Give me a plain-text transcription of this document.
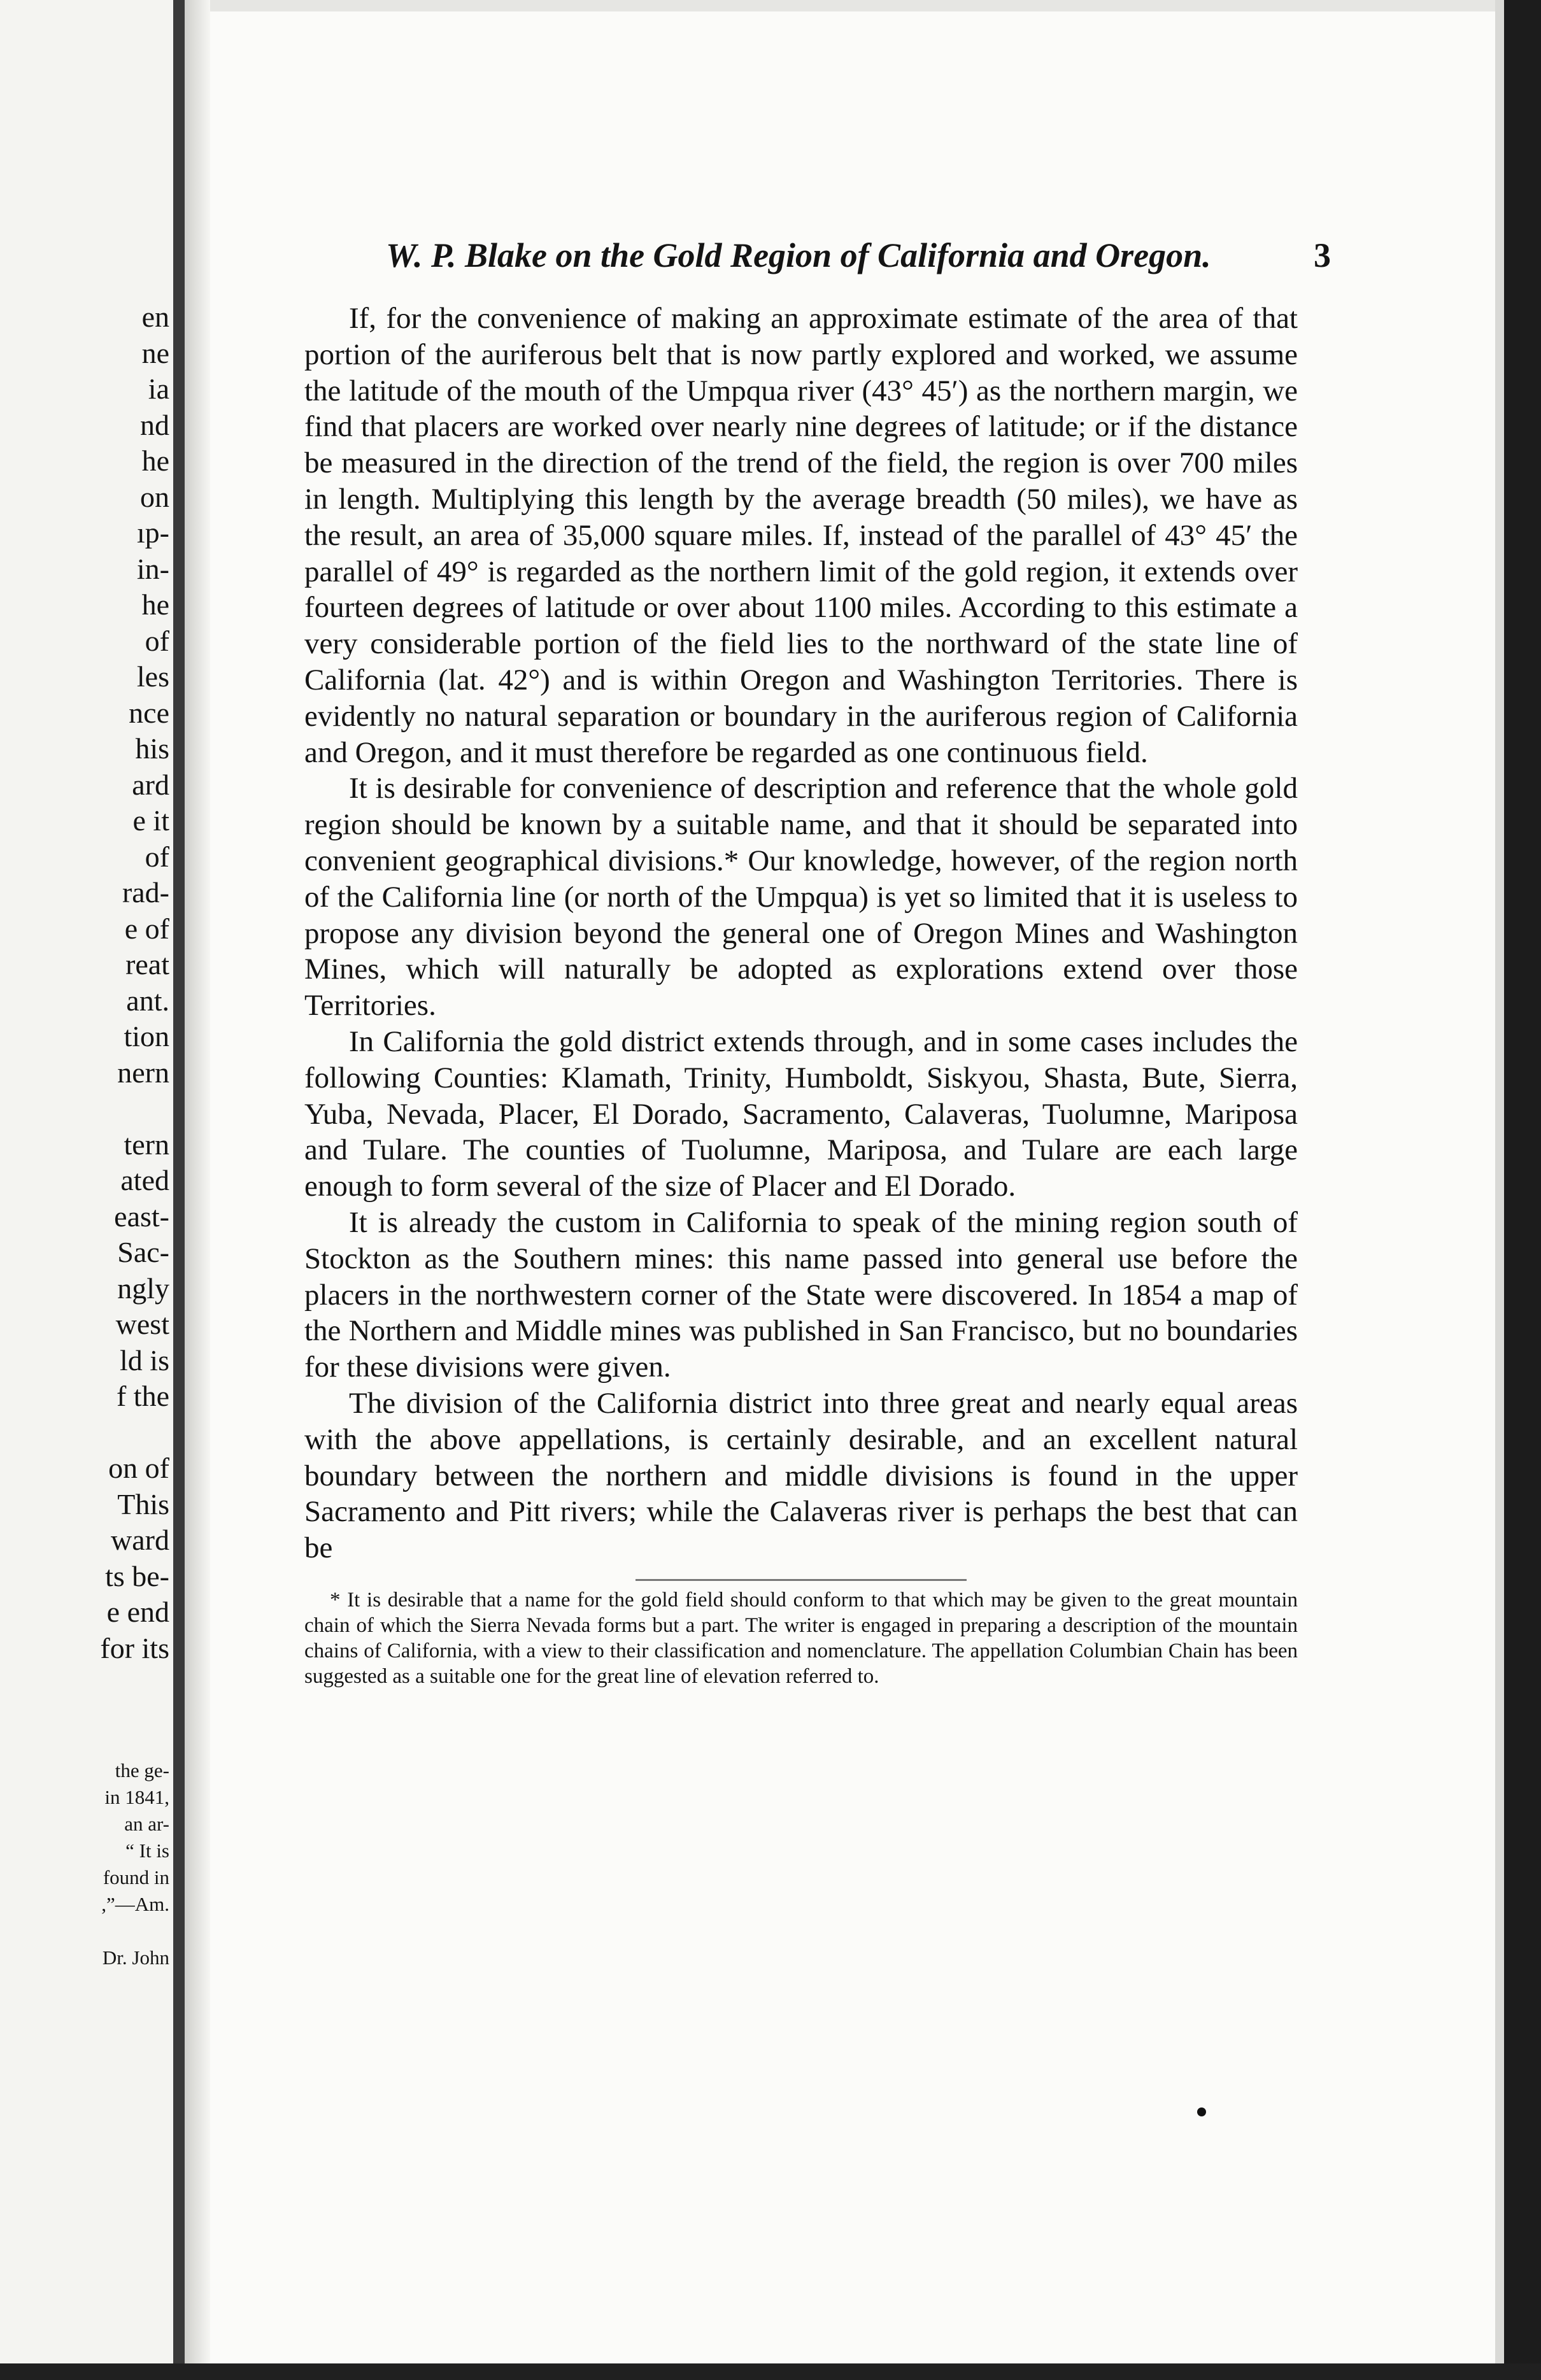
en
ne
ia
nd
he
on
ıp-
in-
he
of
les
nce
his
ard
e it
of
rad-
e of
reat
ant.
tion
nern

tern
ated
east-
Sac-
ngly
west
ld is
f the

on of
This
ward
ts be-
e end
for its
the ge-
in 1841,
an ar-
“ It is
found in
,”—Am.

Dr. John
W. P. Blake on the Gold Region of California and Oregon.	3

If, for the convenience of making an approximate estimate of the area of that portion of the auriferous belt that is now partly explored and worked, we assume the latitude of the mouth of the Umpqua river (43° 45′) as the northern margin, we find that placers are worked over nearly nine degrees of latitude; or if the distance be measured in the direction of the trend of the field, the region is over 700 miles in length. Multiplying this length by the average breadth (50 miles), we have as the result, an area of 35,000 square miles. If, instead of the parallel of 43° 45′ the parallel of 49° is regarded as the northern limit of the gold region, it extends over fourteen degrees of latitude or over about 1100 miles. According to this estimate a very considerable portion of the field lies to the northward of the state line of California (lat. 42°) and is within Oregon and Washington Territories. There is evidently no natural separation or boundary in the auriferous region of California and Oregon, and it must therefore be regarded as one continuous field.

It is desirable for convenience of description and reference that the whole gold region should be known by a suitable name, and that it should be separated into convenient geographical divisions.* Our knowledge, however, of the region north of the California line (or north of the Umpqua) is yet so limited that it is useless to propose any division beyond the general one of Oregon Mines and Washington Mines, which will naturally be adopted as explorations extend over those Territories.

In California the gold district extends through, and in some cases includes the following Counties: Klamath, Trinity, Humboldt, Siskyou, Shasta, Bute, Sierra, Yuba, Nevada, Placer, El Dorado, Sacramento, Calaveras, Tuolumne, Mariposa and Tulare. The counties of Tuolumne, Mariposa, and Tulare are each large enough to form several of the size of Placer and El Dorado.

It is already the custom in California to speak of the mining region south of Stockton as the Southern mines: this name passed into general use before the placers in the northwestern corner of the State were discovered. In 1854 a map of the Northern and Middle mines was published in San Francisco, but no boundaries for these divisions were given.

The division of the California district into three great and nearly equal areas with the above appellations, is certainly desirable, and an excellent natural boundary between the northern and middle divisions is found in the upper Sacramento and Pitt rivers; while the Calaveras river is perhaps the best that can be

* It is desirable that a name for the gold field should conform to that which may be given to the great mountain chain of which the Sierra Nevada forms but a part. The writer is engaged in preparing a description of the mountain chains of California, with a view to their classification and nomenclature. The appellation Columbian Chain has been suggested as a suitable one for the great line of elevation referred to.
